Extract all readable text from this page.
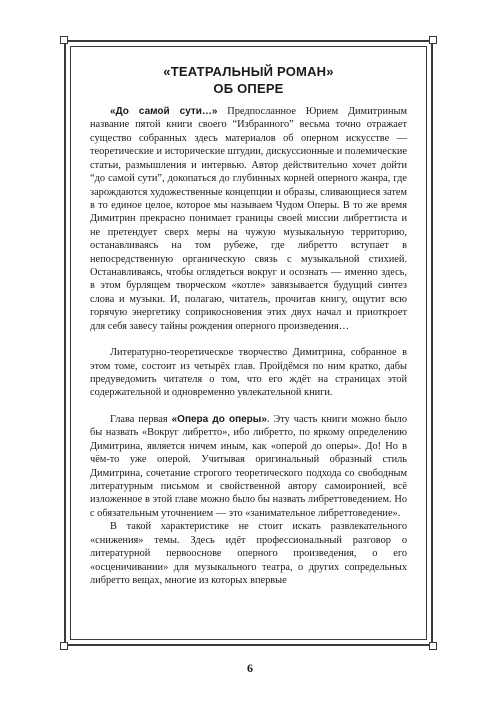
«ТЕАТРАЛЬНЫЙ РОМАН»
ОБ ОПЕРЕ

«До самой сути…» Предпосланное Юрием Димитриным название пятой книги своего “Избранного” весьма точно отражает существо собранных здесь материалов об оперном искусстве — теоретические и исторические штудии, дискуссионные и полемические статьи, размышления и интервью. Автор действительно хочет дойти “до самой сути”, докопаться до глубинных корней оперного жанра, где зарождаются художественные концепции и образы, сливающиеся затем в то единое целое, которое мы называем Чудом Оперы. В то же время Димитрин прекрасно понимает границы своей миссии либреттиста и не претендует сверх меры на чужую музыкальную территорию, останавливаясь на том рубеже, где либретто вступает в непосредственную органическую связь с музыкальной стихией. Останавливаясь, чтобы оглядеться вокруг и осознать — именно здесь, в этом бурлящем творческом «котле» завязывается будущий синтез слова и музыки. И, полагаю, читатель, прочитав книгу, ощутит всю горячую энергетику соприкосновения этих двух начал и приоткроет для себя завесу тайны рождения оперного произведения…

Литературно-теоретическое творчество Димитрина, собранное в этом томе, состоит из четырёх глав. Пройдёмся по ним кратко, дабы предуведомить читателя о том, что его ждёт на страницах этой содержательной и одновременно увлекательной книги.

Глава первая «Опера до оперы». Эту часть книги можно было бы назвать «Вокруг либретто», ибо либретто, по яркому определению Димитрина, является ничем иным, как «оперой до оперы». До! Но в чём-то уже оперой. Учитывая оригинальный образный стиль Димитрина, сочетание строгого теоретического подхода со свободным литературным письмом и свойственной автору самоиронией, всё изложенное в этой главе можно было бы назвать либреттоведением. Но с обязательным уточнением — это «занимательное либреттоведение».

В такой характеристике не стоит искать развлекательного «снижения» темы. Здесь идёт профессиональный разговор о литературной первооснове оперного произведения, о его «осценичивании» для музыкального театра, о других сопредельных либретто вещах, многие из которых впервые

6
